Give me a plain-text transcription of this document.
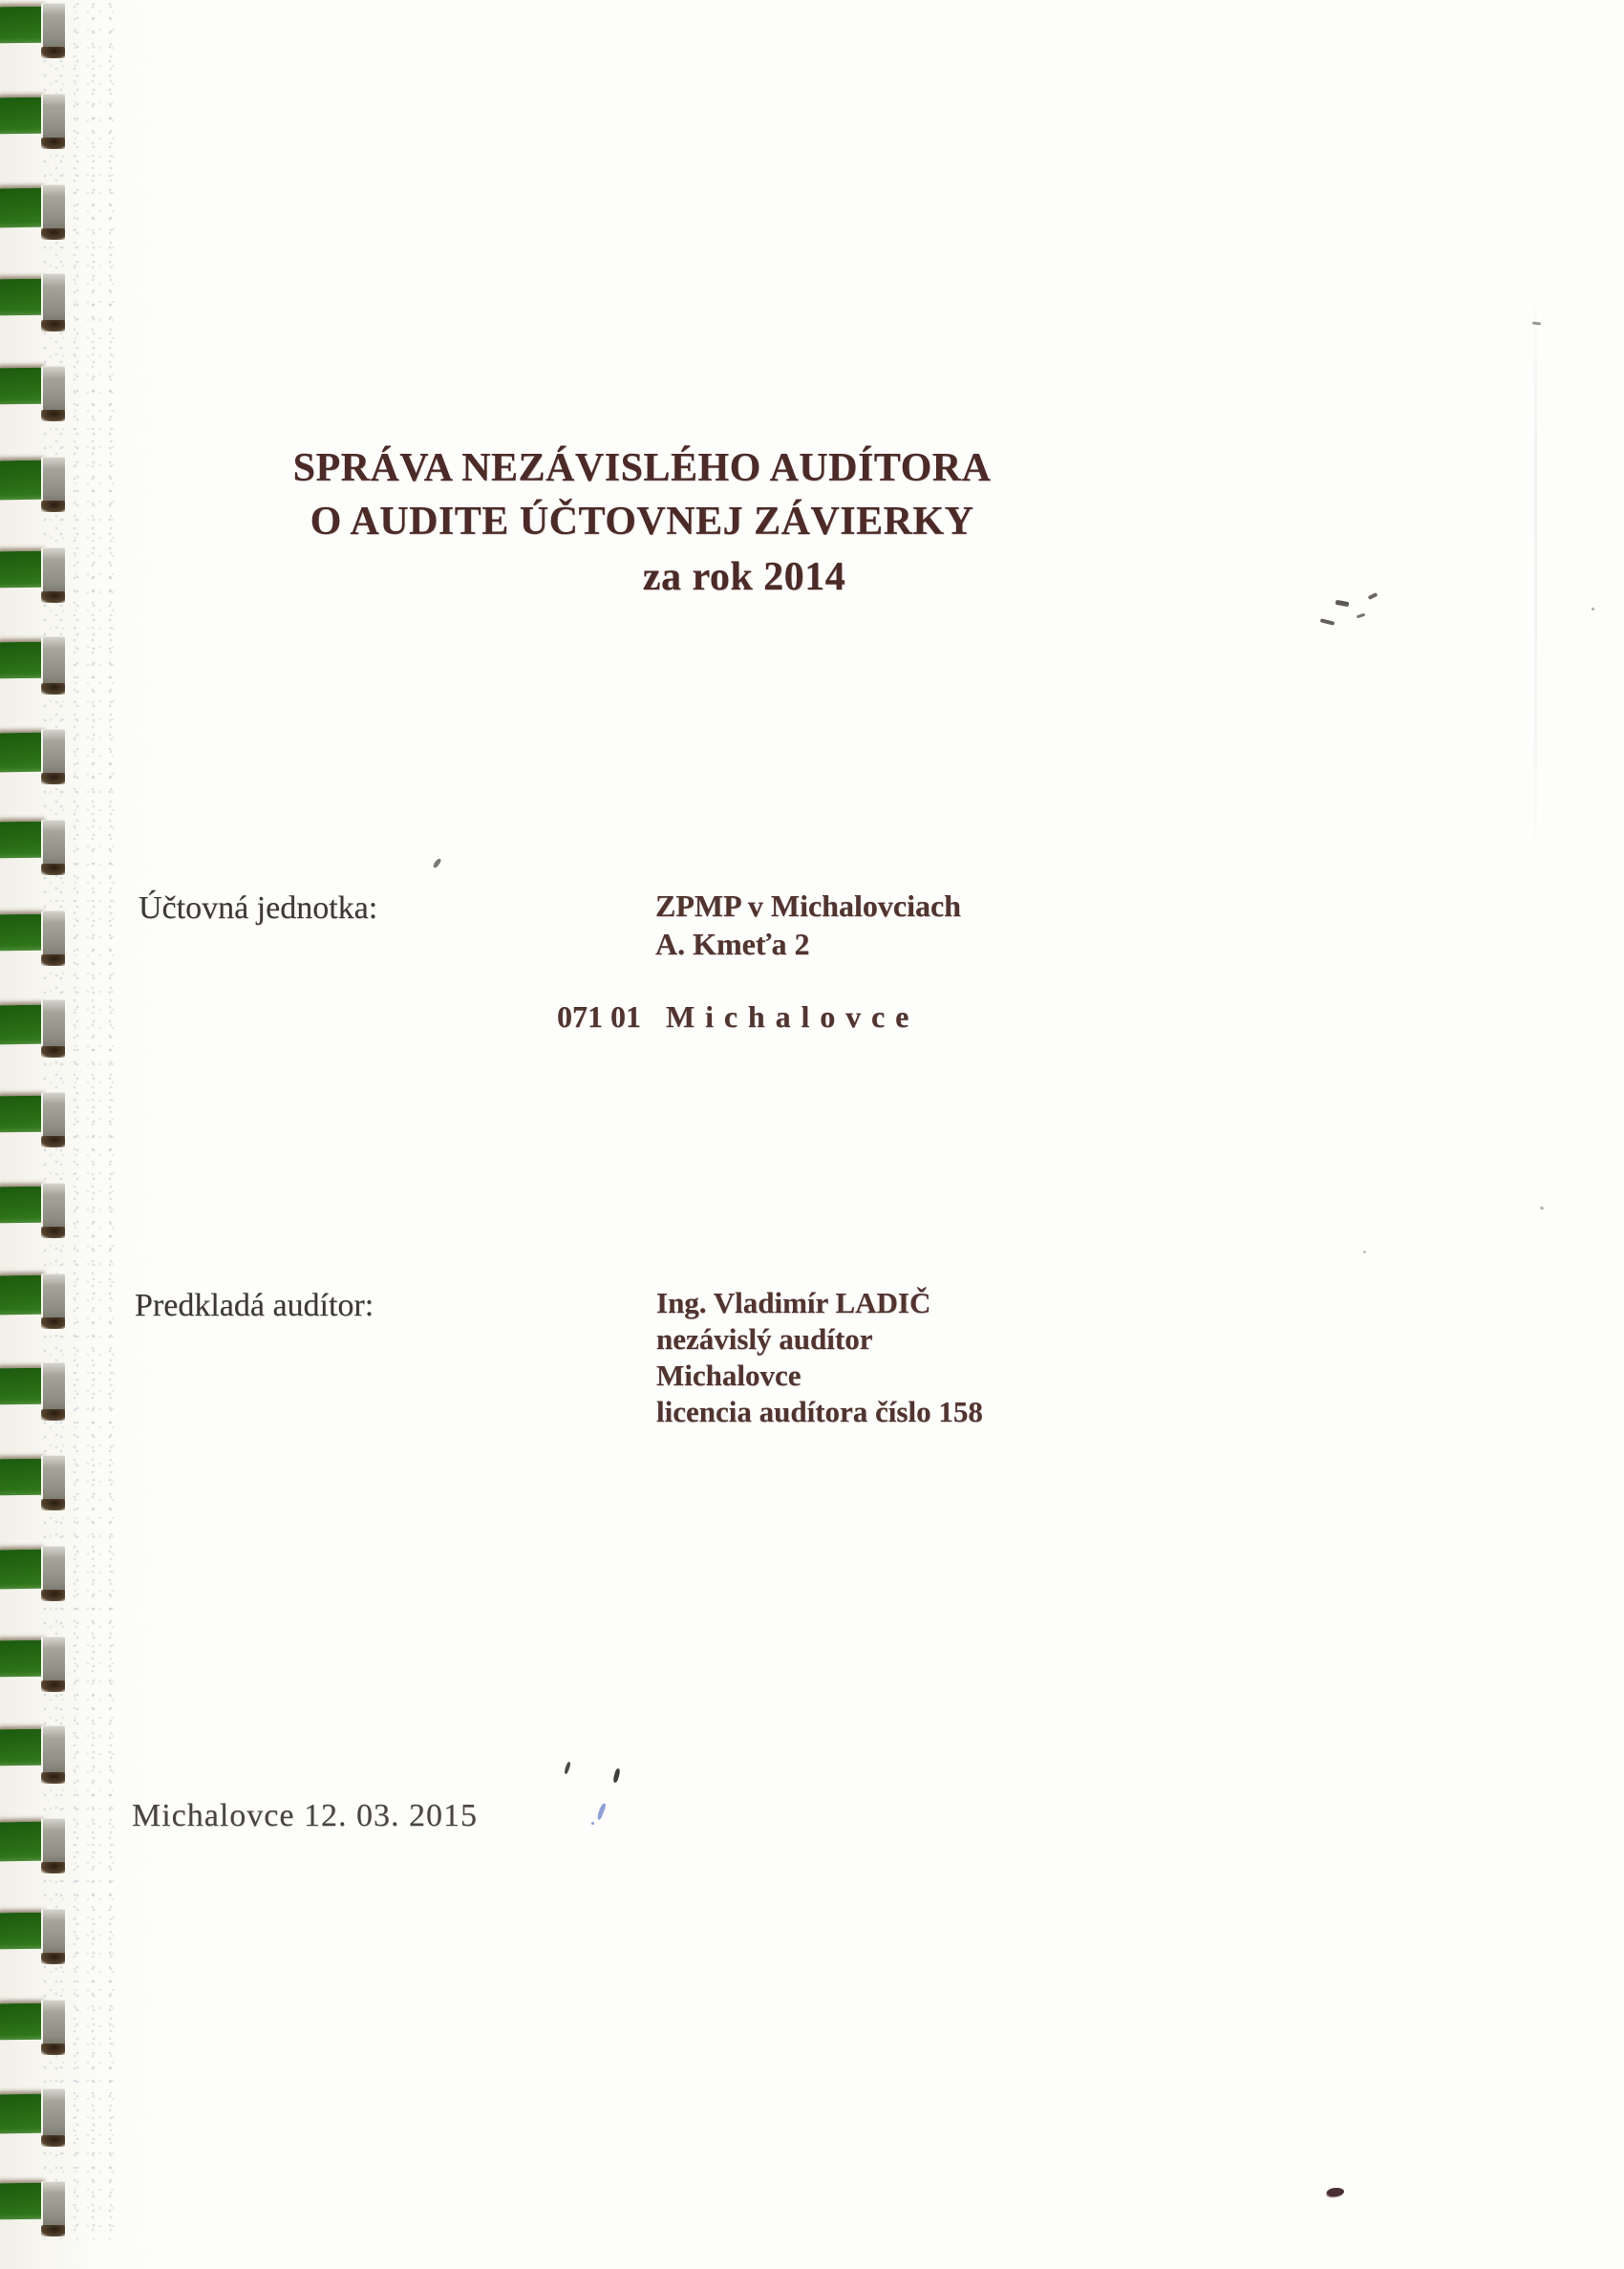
SPRÁVA NEZÁVISLÉHO AUDÍTORA
O AUDITE ÚČTOVNEJ ZÁVIERKY
za rok 2014
Účtovná jednotka:	ZPMP v Michalovciach
A. Kmeťa 2
071 01 Michalovce
Predkladá audítor:	Ing. Vladimír LADIČ
nezávislý audítor
Michalovce
licencia audítora číslo 158
Michalovce 12. 03. 2015
